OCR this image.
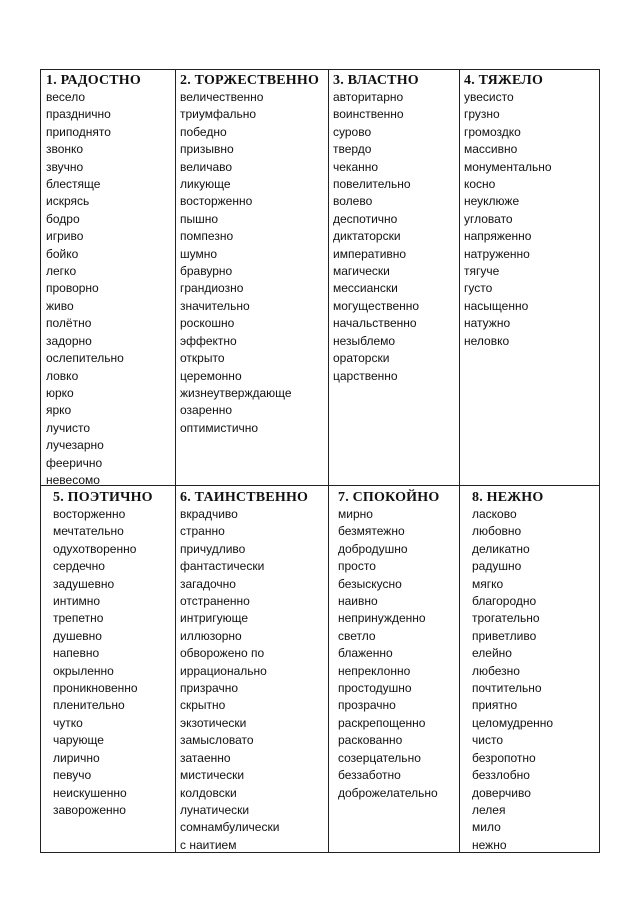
1. РАДОСТНО
весело
празднично
приподнято
звонко
звучно
блестяще
искрясь
бодро
игриво
бойко
легко
проворно
живо
полётно
задорно
ослепительно
ловко
юрко
ярко
лучисто
лучезарно
феерично
невесомо
2. ТОРЖЕСТВЕННО
величественно
триумфально
победно
призывно
величаво
ликующе
восторженно
пышно
помпезно
шумно
бравурно
грандиозно
значительно
роскошно
эффектно
открыто
церемонно
жизнеутверждающе
озаренно
оптимистично
3. ВЛАСТНО
авторитарно
воинственно
сурово
твердо
чеканно
повелительно
волево
деспотично
диктаторски
императивно
магически
мессиански
могущественно
начальственно
незыблемо
ораторски
царственно
4. ТЯЖЕЛО
увесисто
грузно
громоздко
массивно
монументально
косно
неуклюже
угловато
напряженно
натруженно
тягуче
густо
насыщенно
натужно
неловко
5. ПОЭТИЧНО
восторженно
мечтательно
одухотворенно
сердечно
задушевно
интимно
трепетно
душевно
напевно
окрыленно
проникновенно
пленительно
чутко
чарующе
лирично
певучо
неискушенно
завороженно
6. ТАИНСТВЕННО
вкрадчиво
странно
причудливо
фантастически
загадочно
отстраненно
интригующе
иллюзорно
обворожено по
иррационально
призрачно
скрытно
экзотически
замысловато
затаенно
мистически
колдовски
лунатически
сомнамбулически
с наитием
7. СПОКОЙНО
мирно
безмятежно
добродушно
просто
безыскусно
наивно
непринужденно
светло
блаженно
непреклонно
простодушно
прозрачно
раскрепощенно
раскованно
созерцательно
беззаботно
доброжелательно
8. НЕЖНО
ласково
любовно
деликатно
радушно
мягко
благородно
трогательно
приветливо
елейно
любезно
почтительно
приятно
целомудренно
чисто
безропотно
беззлобно
доверчиво
лелея
мило
нежно
